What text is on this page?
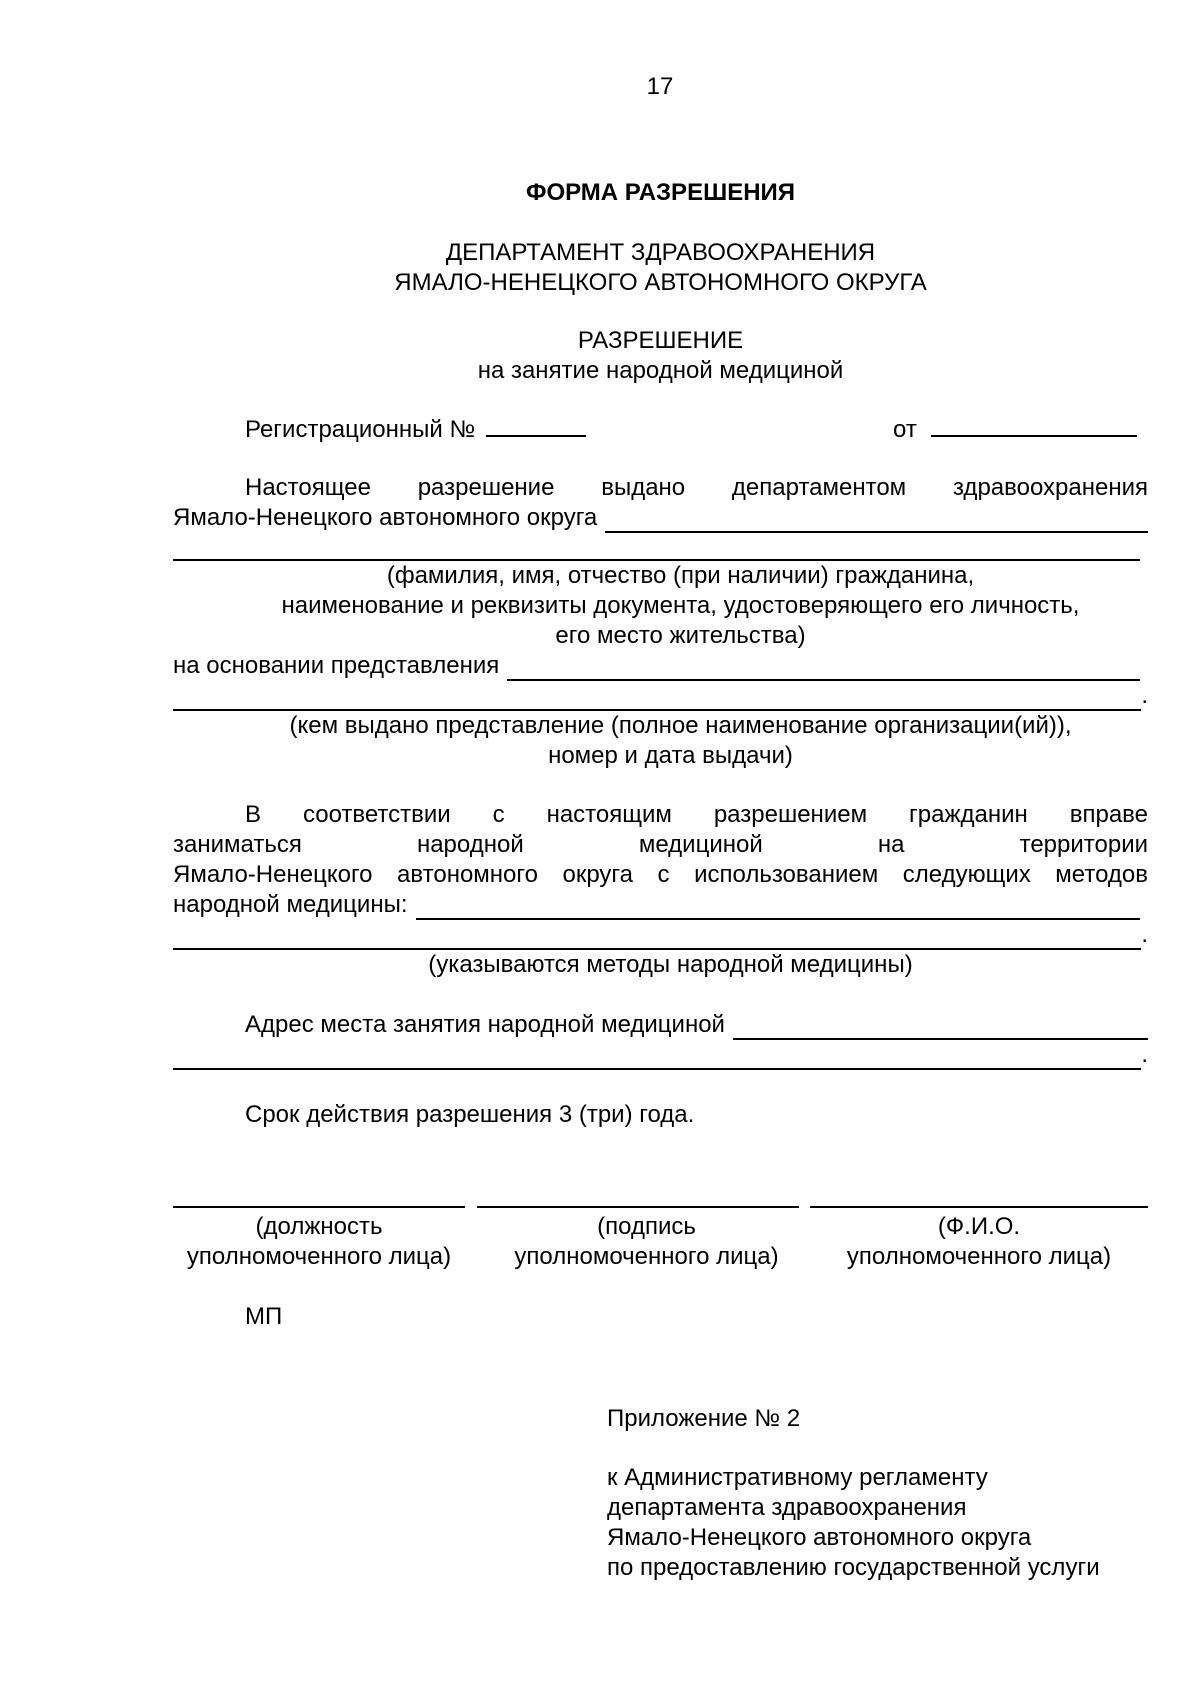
17
ФОРМА РАЗРЕШЕНИЯ
ДЕПАРТАМЕНТ ЗДРАВООХРАНЕНИЯ
ЯМАЛО-НЕНЕЦКОГО АВТОНОМНОГО ОКРУГА
РАЗРЕШЕНИЕ
на занятие народной медициной
Регистрационный №	от
Настоящее разрешение выдано департаментом здравоохранения
Ямало-Ненецкого автономного округа
(фамилия, имя, отчество (при наличии) гражданина,
наименование и реквизиты документа, удостоверяющего его личность,
его место жительства)
на основании представления
.
(кем выдано представление (полное наименование организации(ий)),
номер и дата выдачи)
В соответствии с настоящим разрешением гражданин вправе
заниматься народной медициной на территории
Ямало-Ненецкого автономного округа с использованием следующих методов
народной медицины:
.
(указываются методы народной медицины)
Адрес места занятия народной медициной
.
Срок действия разрешения 3 (три) года.
(должность
уполномоченного лица)
(подпись
уполномоченного лица)
(Ф.И.О.
уполномоченного лица)
МП
Приложение № 2
к Административному регламенту
департамента здравоохранения
Ямало-Ненецкого автономного округа
по предоставлению государственной услуги
